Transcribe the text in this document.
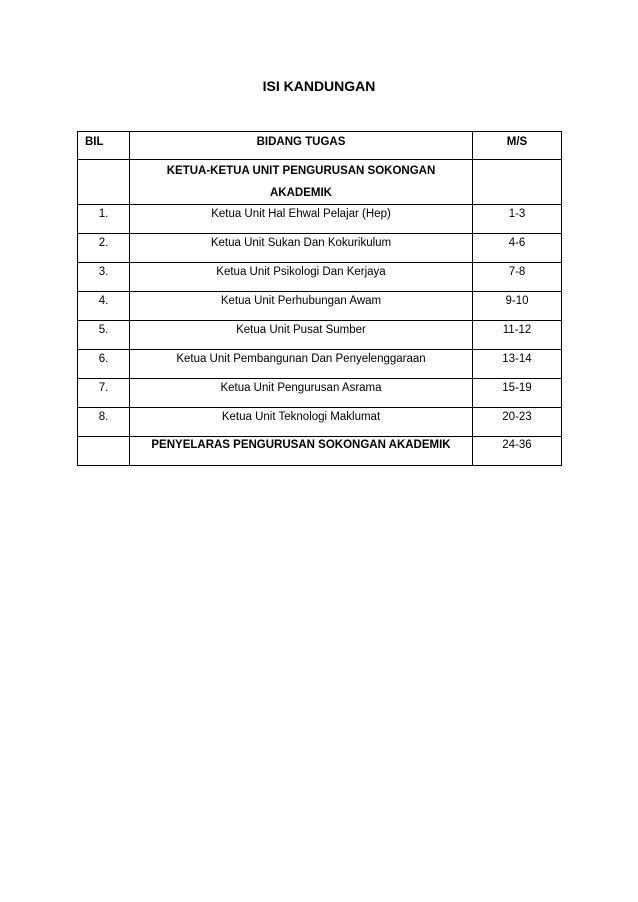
ISI KANDUNGAN
BIL	BIDANG TUGAS	M/S

	KETUA-KETUA UNIT PENGURUSAN SOKONGAN
AKADEMIK	

1.	Ketua Unit Hal Ehwal Pelajar (Hep)	1-3
2.	Ketua Unit Sukan Dan Kokurikulum	4-6
3.	Ketua Unit Psikologi Dan Kerjaya	7-8
4.	Ketua Unit Perhubungan Awam	9-10
5.	Ketua Unit Pusat Sumber	11-12
6.	Ketua Unit Pembangunan Dan Penyelenggaraan	13-14
7.	Ketua Unit Pengurusan Asrama	15-19
8.	Ketua Unit Teknologi Maklumat	20-23

	PENYELARAS PENGURUSAN SOKONGAN AKADEMIK	24-36
